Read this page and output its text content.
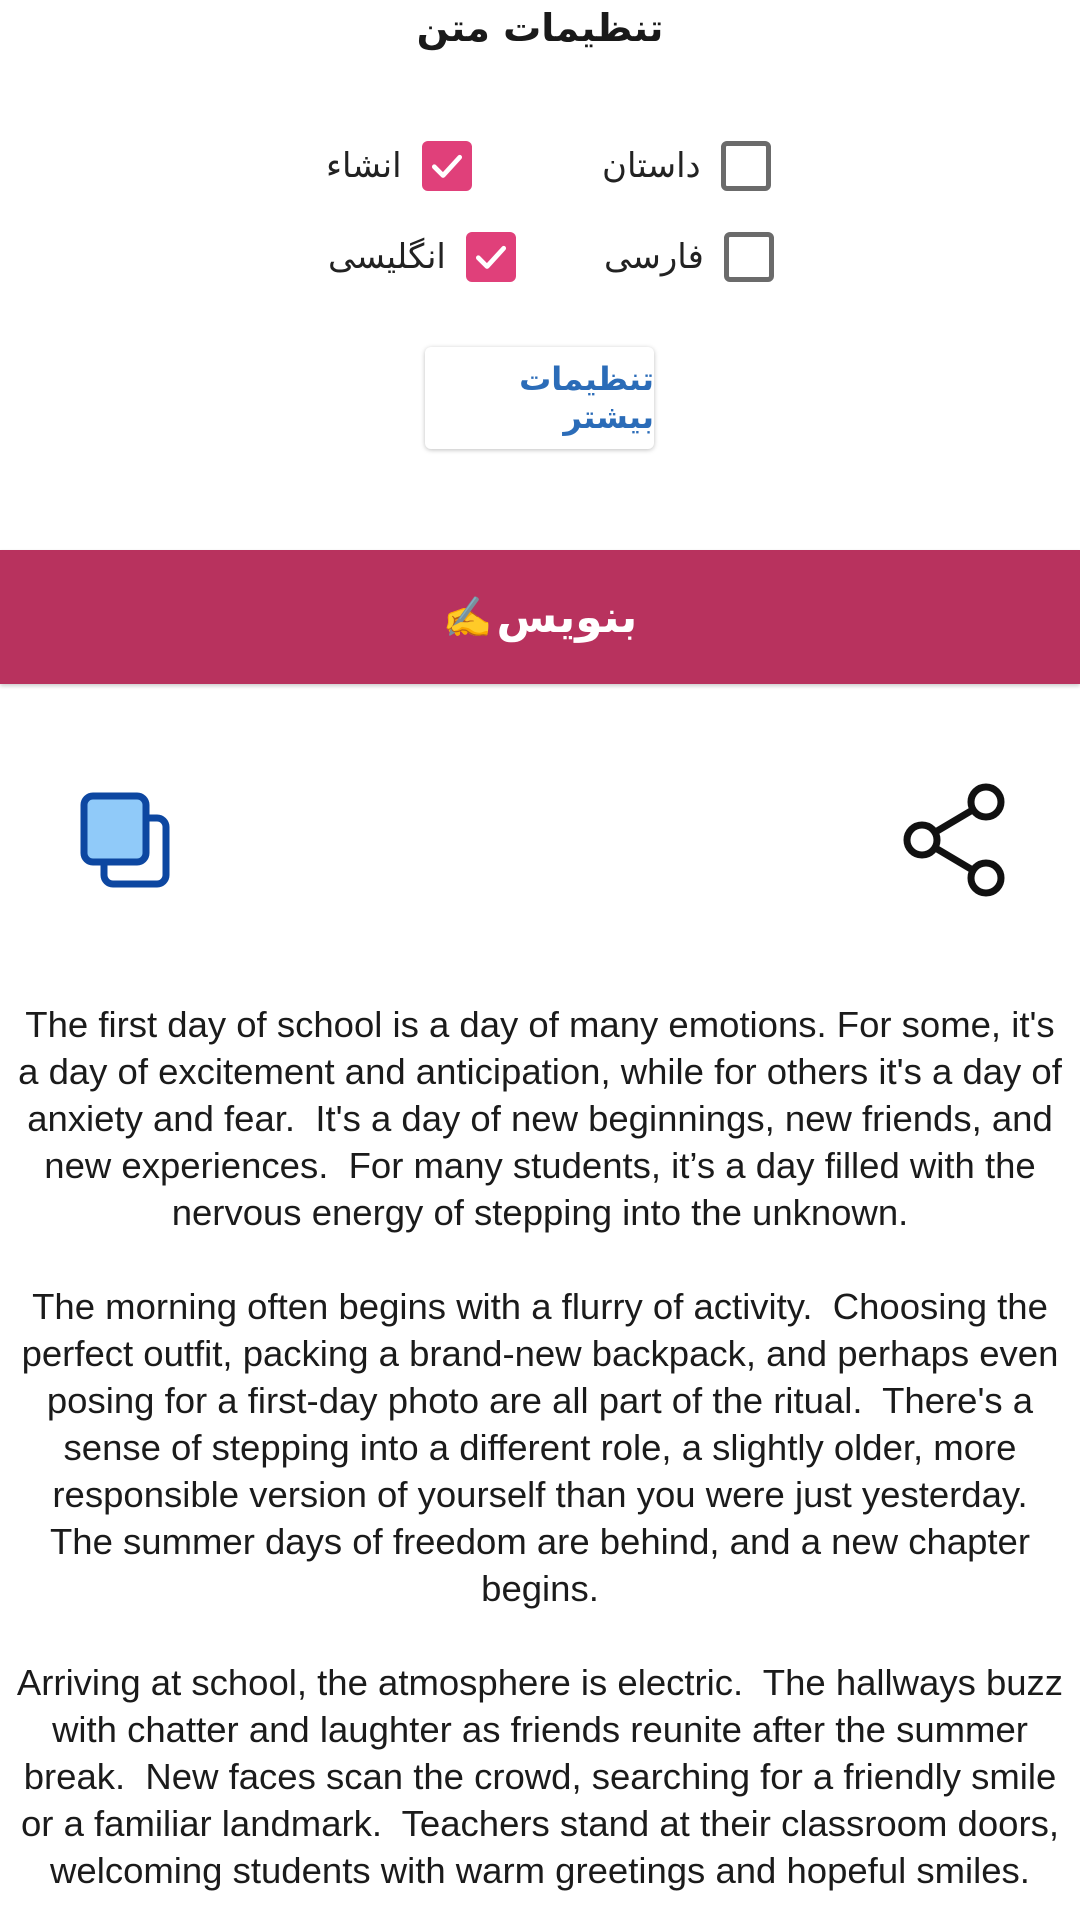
تنظیمات متن
انشاء	داستان
انگلیسی	فارسی
تنظیمات بیشتر
بنویس
✍️

The first day of school is a day of many emotions. For some, it's a day of excitement and anticipation, while for others it's a day of anxiety and fear.  It's a day of new beginnings, new friends, and new experiences.  For many students, it’s a day filled with the nervous energy of stepping into the unknown.

The morning often begins with a flurry of activity.  Choosing the perfect outfit, packing a brand-new backpack, and perhaps even posing for a first-day photo are all part of the ritual.  There's a sense of stepping into a different role, a slightly older, more responsible version of yourself than you were just yesterday.  The summer days of freedom are behind, and a new chapter begins.

Arriving at school, the atmosphere is electric.  The hallways buzz with chatter and laughter as friends reunite after the summer break.  New faces scan the crowd, searching for a friendly smile or a familiar landmark.  Teachers stand at their classroom doors, welcoming students with warm greetings and hopeful smiles.
